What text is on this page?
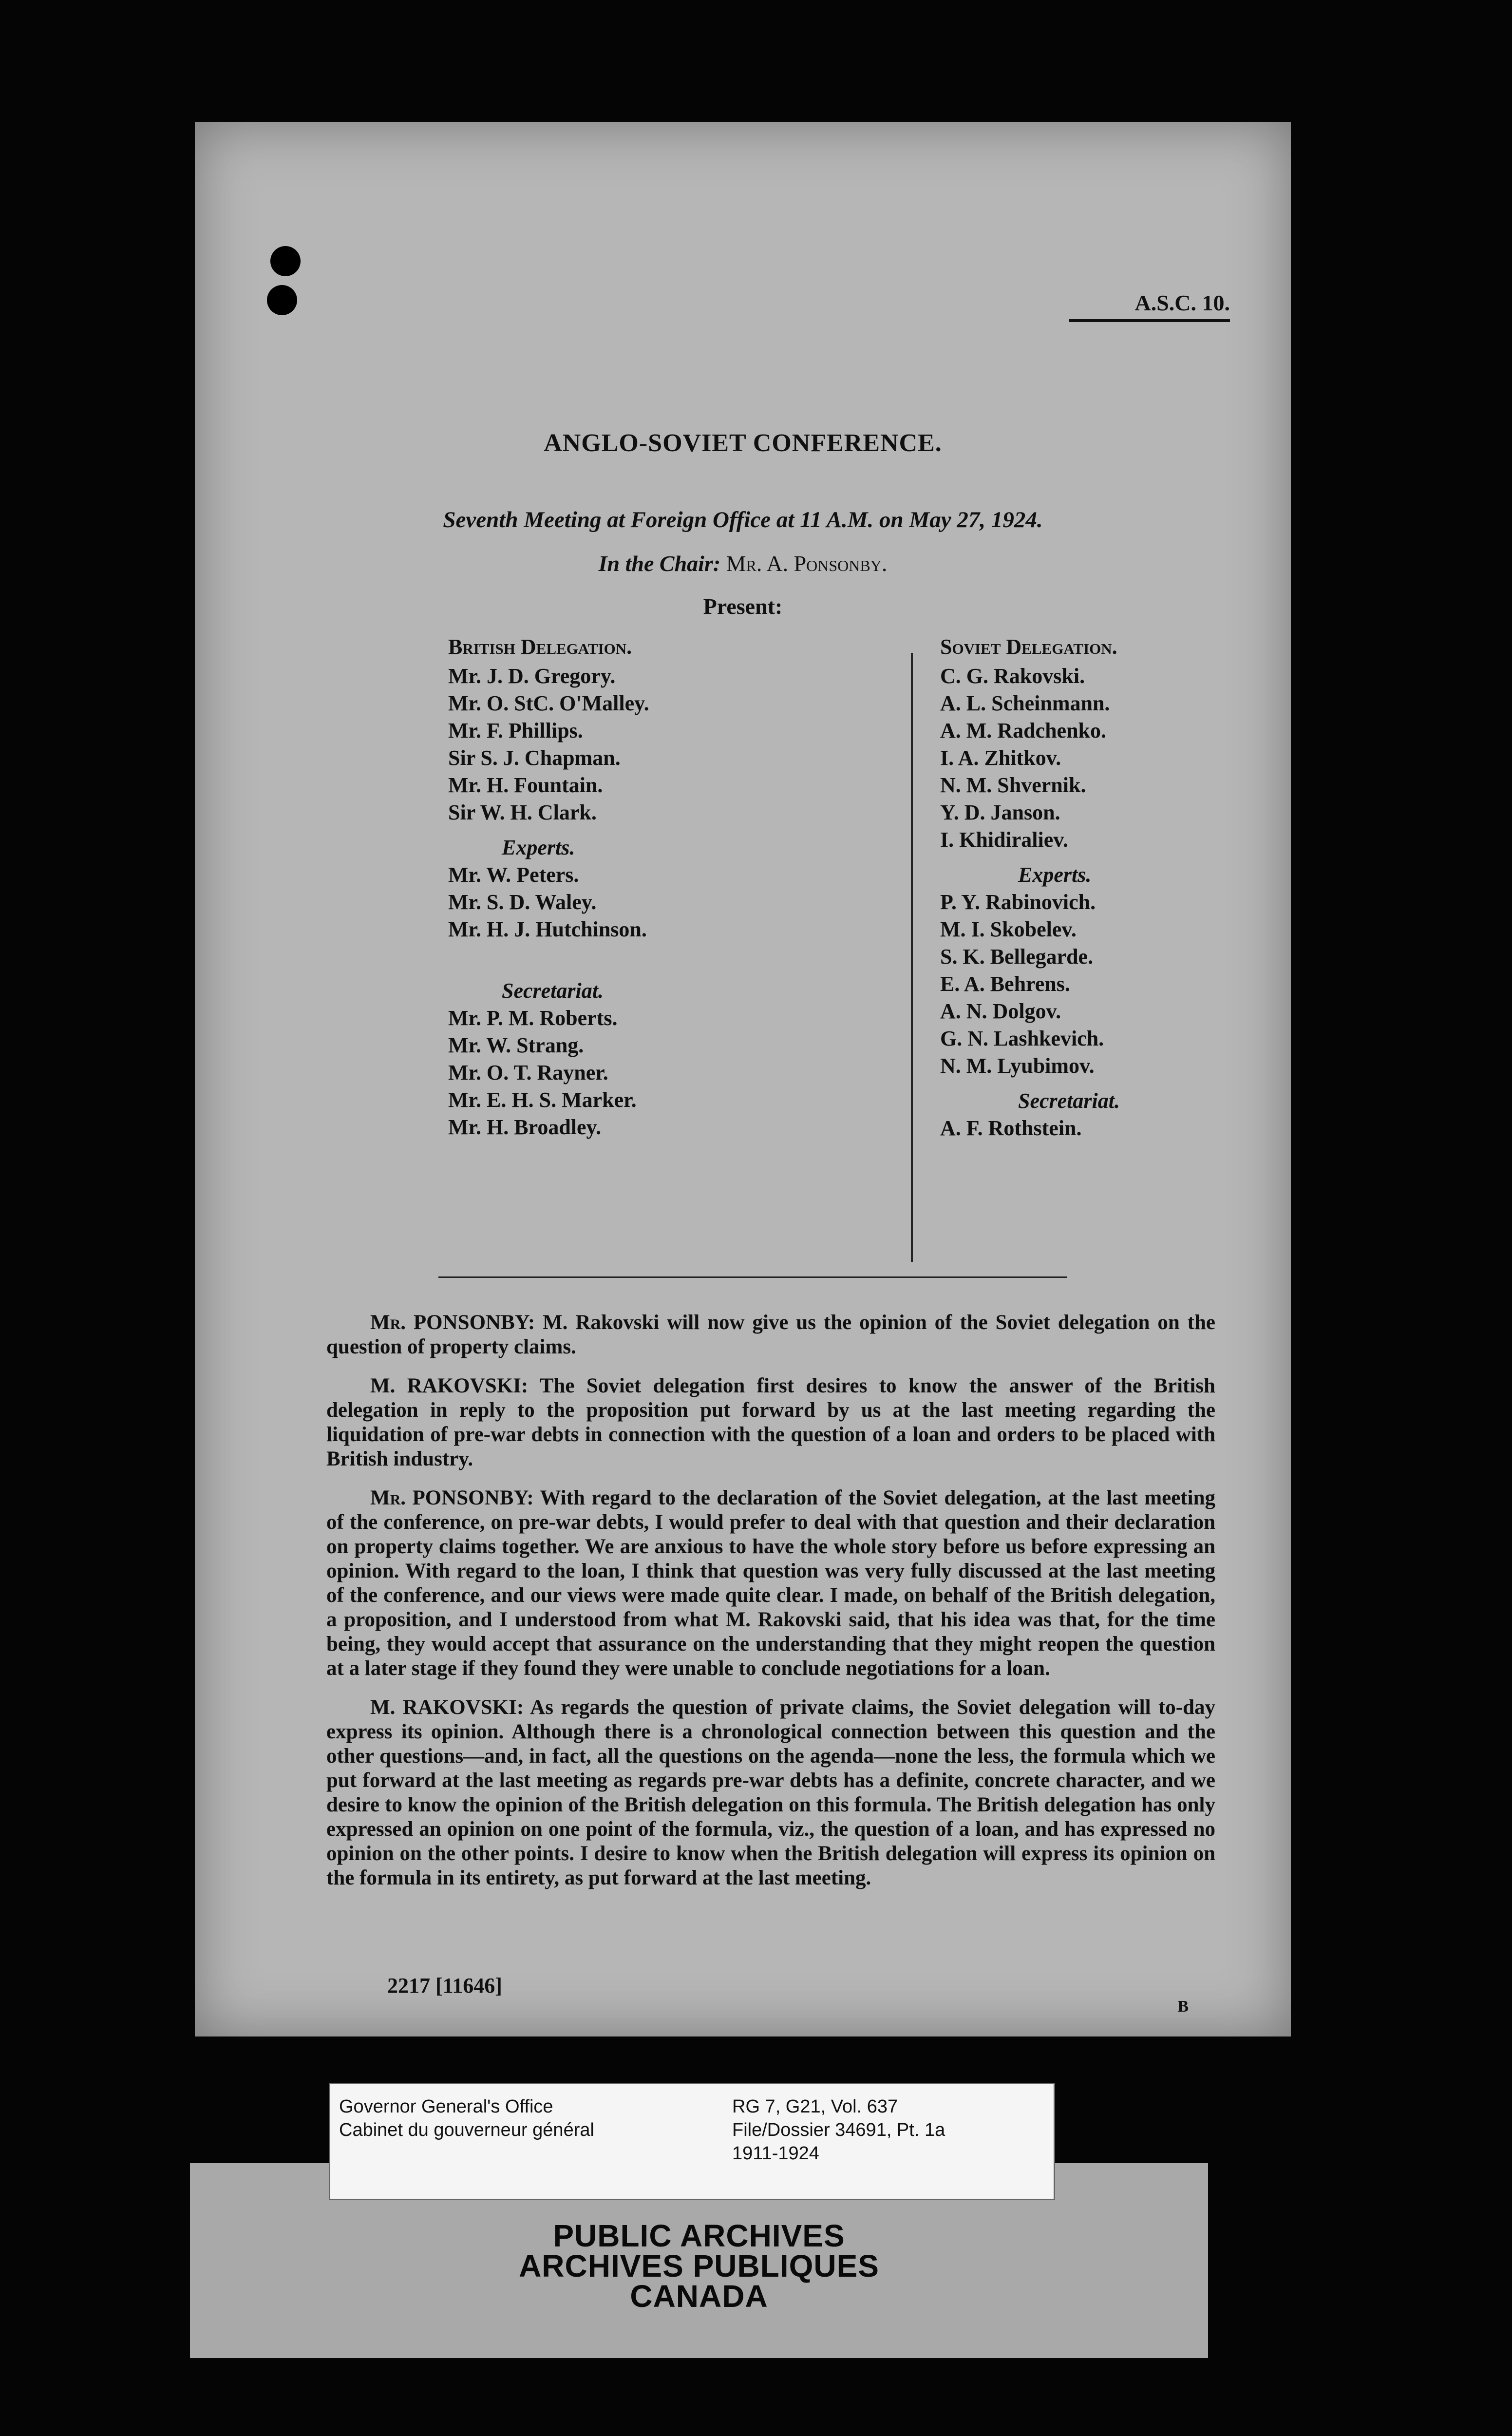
A.S.C. 10.
ANGLO-SOVIET CONFERENCE.
Seventh Meeting at Foreign Office at 11 A.M. on May 27, 1924.
In the Chair: Mr. A. Ponsonby.
Present:
British Delegation.
Mr. J. D. Gregory.
Mr. O. StC. O'Malley.
Mr. F. Phillips.
Sir S. J. Chapman.
Mr. H. Fountain.
Sir W. H. Clark.
Experts.
Mr. W. Peters.
Mr. S. D. Waley.
Mr. H. J. Hutchinson.
Secretariat.
Mr. P. M. Roberts.
Mr. W. Strang.
Mr. O. T. Rayner.
Mr. E. H. S. Marker.
Mr. H. Broadley.
Soviet Delegation.
C. G. Rakovski.
A. L. Scheinmann.
A. M. Radchenko.
I. A. Zhitkov.
N. M. Shvernik.
Y. D. Janson.
I. Khidiraliev.
Experts.
P. Y. Rabinovich.
M. I. Skobelev.
S. K. Bellegarde.
E. A. Behrens.
A. N. Dolgov.
G. N. Lashkevich.
N. M. Lyubimov.
Secretariat.
A. F. Rothstein.

Mr. PONSONBY: M. Rakovski will now give us the opinion of the Soviet delegation on the question of property claims.

M. RAKOVSKI: The Soviet delegation first desires to know the answer of the British delegation in reply to the proposition put forward by us at the last meeting regarding the liquidation of pre-war debts in connection with the question of a loan and orders to be placed with British industry.

Mr. PONSONBY: With regard to the declaration of the Soviet delegation, at the last meeting of the conference, on pre-war debts, I would prefer to deal with that question and their declaration on property claims together. We are anxious to have the whole story before us before expressing an opinion. With regard to the loan, I think that question was very fully discussed at the last meeting of the conference, and our views were made quite clear. I made, on behalf of the British delegation, a proposition, and I understood from what M. Rakovski said, that his idea was that, for the time being, they would accept that assurance on the understanding that they might reopen the question at a later stage if they found they were unable to conclude negotiations for a loan.

M. RAKOVSKI: As regards the question of private claims, the Soviet delegation will to-day express its opinion. Although there is a chronological connection between this question and the other questions—and, in fact, all the questions on the agenda—none the less, the formula which we put forward at the last meeting as regards pre-war debts has a definite, concrete character, and we desire to know the opinion of the British delegation on this formula. The British delegation has only expressed an opinion on one point of the formula, viz., the question of a loan, and has expressed no opinion on the other points. I desire to know when the British delegation will express its opinion on the formula in its entirety, as put forward at the last meeting.

2217 [11646]
B
PUBLIC ARCHIVES
ARCHIVES PUBLIQUES
CANADA
Governor General's Office
Cabinet du gouverneur général
RG 7, G21, Vol. 637
File/Dossier 34691, Pt. 1a
1911-1924
